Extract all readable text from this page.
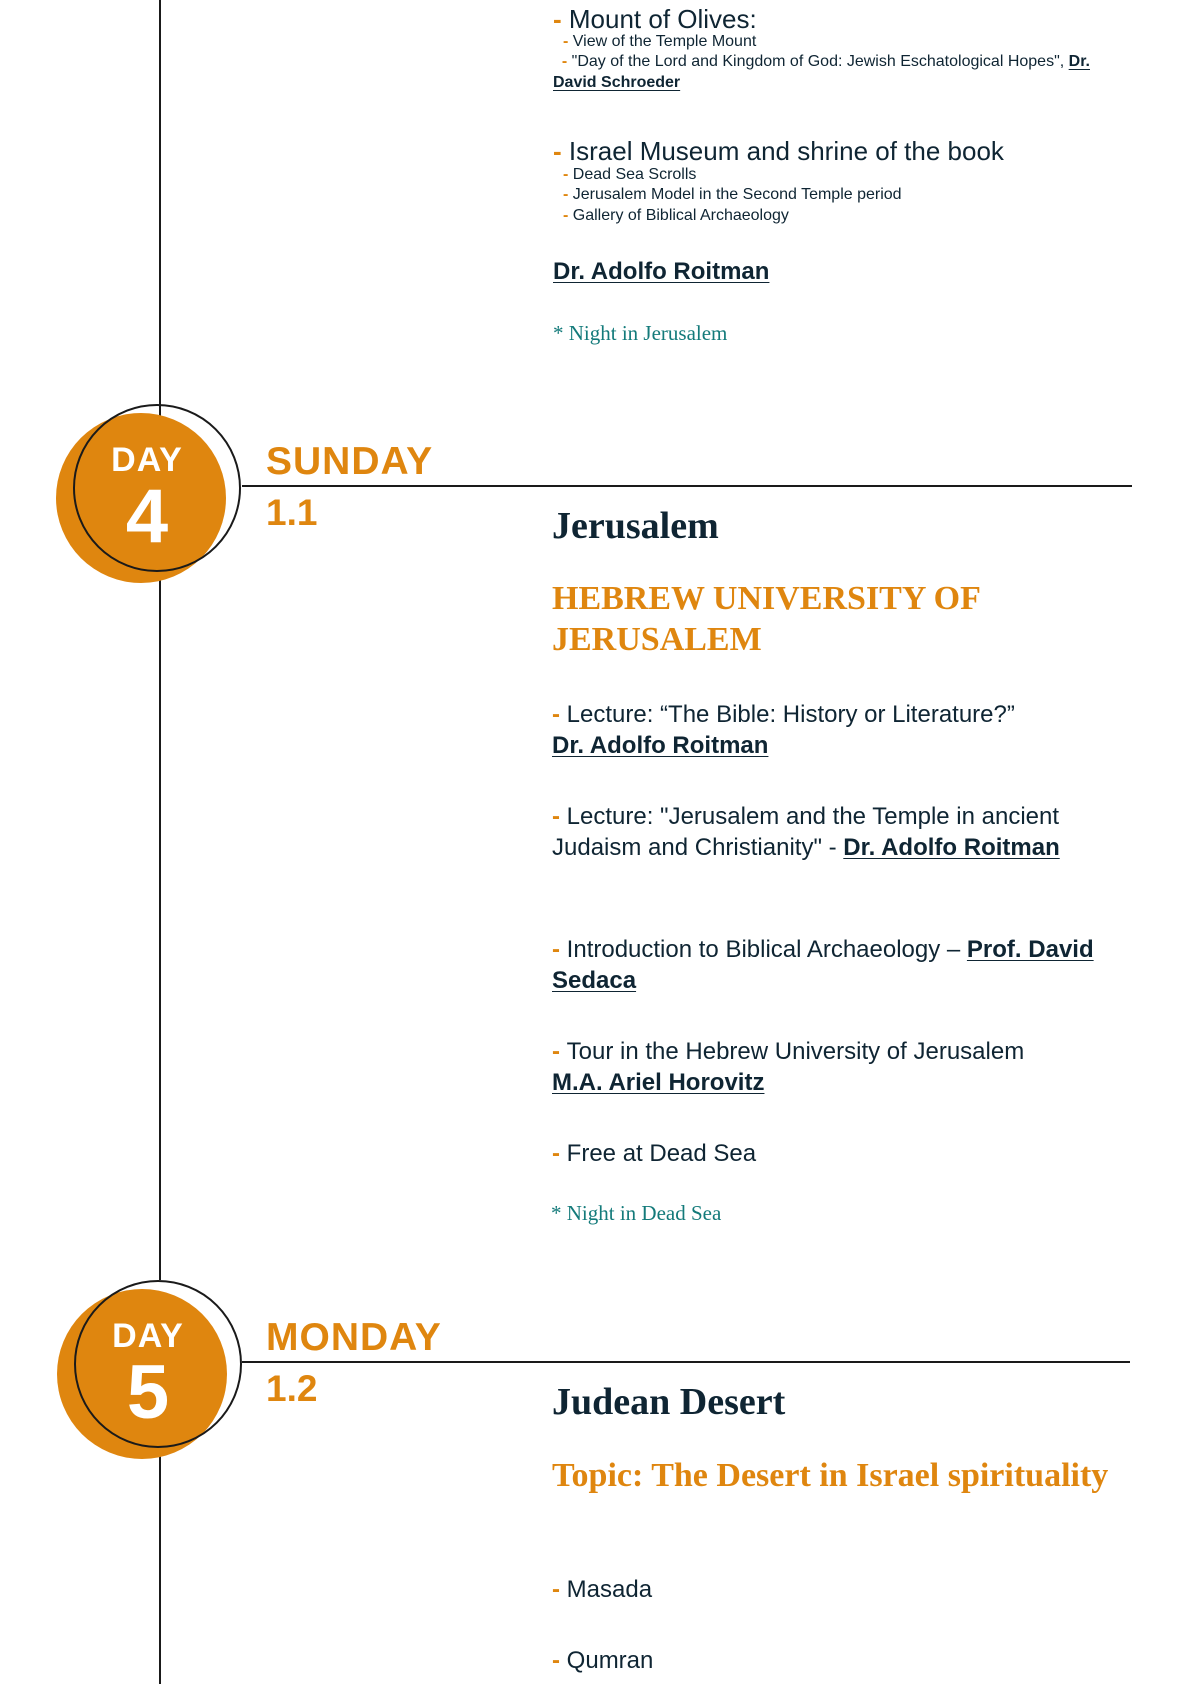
- Mount of Olives:
- View of the Temple Mount
- "Day of the Lord and Kingdom of God: Jewish Eschatological Hopes", Dr. David Schroeder
- Israel Museum and shrine of the book
- Dead Sea Scrolls
- Jerusalem Model in the Second Temple period
- Gallery of Biblical Archaeology
Dr. Adolfo Roitman
* Night in Jerusalem
DAY
4
SUNDAY
1.1	Jerusalem
HEBREW UNIVERSITY OF JERUSALEM
- Lecture: “The Bible: History or Literature?”
Dr. Adolfo Roitman
- Lecture: "Jerusalem and the Temple in ancient Judaism and Christianity" - Dr. Adolfo Roitman
- Introduction to Biblical Archaeology – Prof. David Sedaca
- Tour in the Hebrew University of Jerusalem
M.A. Ariel Horovitz
- Free at Dead Sea
* Night in Dead Sea
DAY
5
MONDAY
1.2	Judean Desert
Topic: The Desert in Israel spirituality
- Masada
- Qumran
